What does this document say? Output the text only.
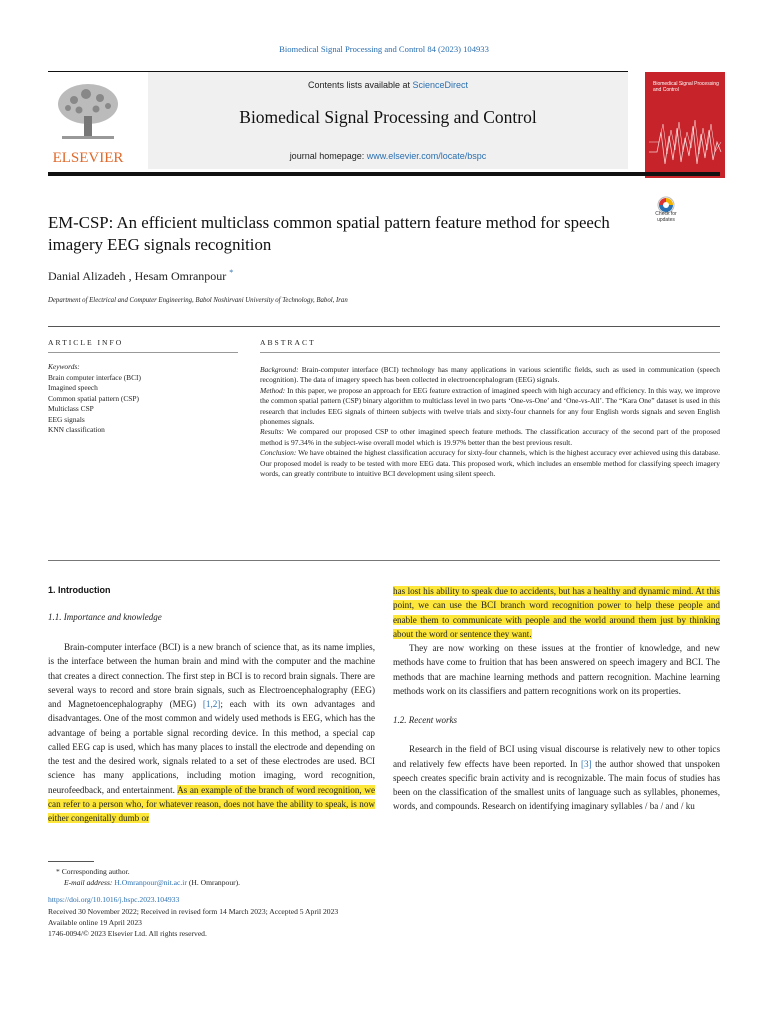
Biomedical Signal Processing and Control 84 (2023) 104933
Contents lists available at ScienceDirect
Biomedical Signal Processing and Control
journal homepage: www.elsevier.com/locate/bspc
ELSEVIER
Biomedical Signal Processing and Control
EM-CSP: An efficient multiclass common spatial pattern feature method for speech imagery EEG signals recognition
Check for updates
Danial Alizadeh , Hesam Omranpour *
Department of Electrical and Computer Engineering, Babol Noshirvani University of Technology, Babol, Iran
ARTICLE INFO
Keywords:
Brain computer interface (BCI)
Imagined speech
Common spatial pattern (CSP)
Multiclass CSP
EEG signals
KNN classification
ABSTRACT

Background: Brain-computer interface (BCI) technology has many applications in various scientific fields, such as used in communication (speech recognition). The data of imagery speech has been collected in electroencephalogram (EEG) signals.

Method: In this paper, we propose an approach for EEG feature extraction of imagined speech with high accuracy and efficiency. In this way, we improve the common spatial pattern (CSP) binary algorithm to multiclass level in two parts ‘One-vs-One’ and ‘One-vs-All’. The “Kara One” dataset is used in this research that includes EEG signals of thirteen subjects with twelve trials and sixty-four channels for any four English words signals and seven English phonemes signals.

Results: We compared our proposed CSP to other imagined speech feature methods. The classification accuracy of the second part of the proposed method is 97.34% in the subject-wise overall model which is 19.97% better than the best previous result.

Conclusion: We have obtained the highest classification accuracy for sixty-four channels, which is the highest accuracy ever achieved using this database. Our proposed model is ready to be tested with more EEG data. This proposed work, which includes an ensemble method for classifying speech imagery words, can greatly contribute to intuitive BCI development using silent speech.

1. Introduction
1.1. Importance and knowledge

Brain-computer interface (BCI) is a new branch of science that, as its name implies, is the interface between the human brain and mind with the computer and the machine that creates a direct connection. The first step in BCI is to record brain signals. There are several ways to record and store brain signals, such as Electroencephalography (EEG) and Magnetoencephalography (MEG) [1,2]; each with its own advantages and disadvantages. One of the most common and widely used methods is EEG, which has the advantage of being a portable signal recording device. In this method, a special cap called EEG cap is used, which has many places to install the electrode and depending on the test and the desired work, signals related to a set of these electrodes are used. BCI science has many applications, including motion imaging, word recognition, neurofeedback, and entertainment. As an example of the branch of word recognition, we can refer to a person who, for whatever reason, does not have the ability to speak, is now either congenitally dumb or

has lost his ability to speak due to accidents, but has a healthy and dynamic mind. At this point, we can use the BCI branch word recognition power to help these people and enable them to communicate with people and the world around them just by thinking about the word or sentence they want.

They are now working on these issues at the frontier of knowledge, and new methods have come to fruition that has been answered on speech imagery and BCI. The methods that are machine learning methods and pattern recognition. Machine learning methods work on its classifiers and pattern recognitions work on its properties.

1.2. Recent works

Research in the field of BCI using visual discourse is relatively new to other topics and relatively few effects have been reported. In [3] the author showed that unspoken speech creates specific brain activity and is recognizable. The main focus of studies has been on the classification of the smallest units of language such as syllables, phonemes, words, and compounds. Research on identifying imaginary syllables / ba / and / ku

* Corresponding author.
E-mail address: H.Omranpour@nit.ac.ir (H. Omranpour).
https://doi.org/10.1016/j.bspc.2023.104933
Received 30 November 2022; Received in revised form 14 March 2023; Accepted 5 April 2023
Available online 19 April 2023
1746-0094/© 2023 Elsevier Ltd. All rights reserved.
